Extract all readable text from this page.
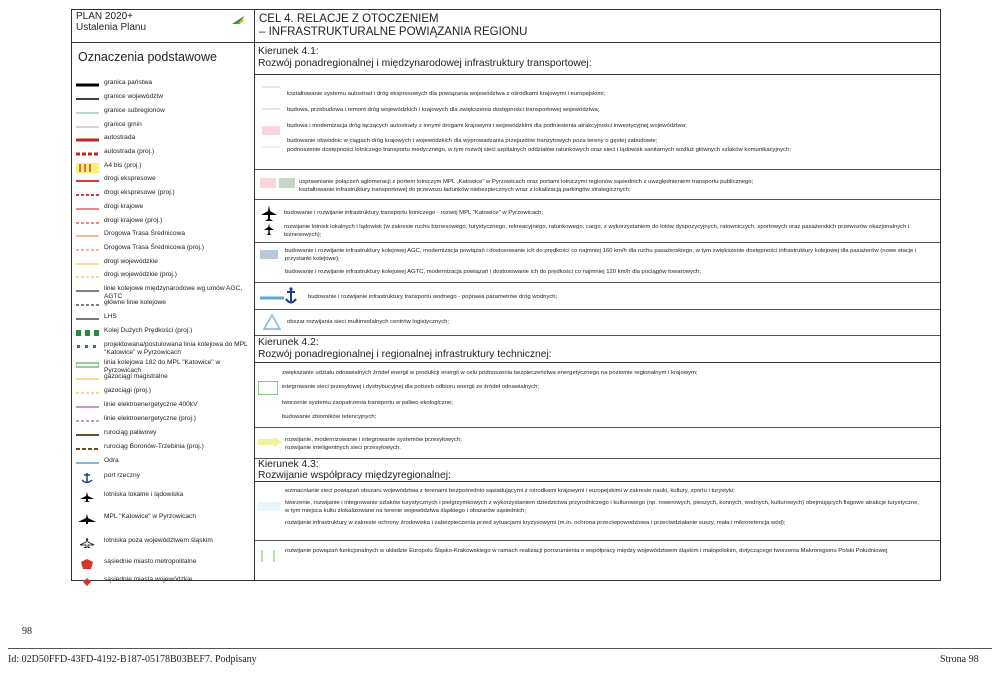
PLAN 2020+
Ustalenia Planu
Oznaczenia podstawowe
granica państwa
granice województw
granice subregionów
granice gmin
autostrada
autostrada (proj.)
A4 bis (proj.)
drogi ekspresowe
drogi ekspresowe (proj.)
drogi krajowe
drogi krajowe (proj.)
Drogowa Trasa Średnicowa
Drogowa Trasa Średnicowa (proj.)
drogi wojewódzkie
drogi wojewódzkie (proj.)
linie kolejowe międzynarodowe wg umów AGC, AGTC
główne linie kolejowe
LHS
Kolej Dużych Prędkości (proj.)
projektowana/postulowana linia kolejowa do MPL "Katowice" w Pyrzowicach
linia kolejowa 182 do MPL "Katowice" w Pyrzowicach
gazociągi magistralne
gazociągi (proj.)
linie elektroenergetyczne 400kV
linie elektroenergetyczne (proj.)
rurociąg paliwowy
rurociąg Boronów-Trzebinia (proj.)
Odra
port rzeczny
lotniska lokalne i lądowiska
MPL "Katowice" w Pyrzowicach
lotniska poza województwem śląskim
sąsiednie miasto metropolitalne
sąsiednie miasta wojewódzkie
CEL 4. RELACJE Z OTOCZENIEM
– INFRASTRUKTURALNE POWIĄZANIA REGIONU
Kierunek 4.1:
Rozwój ponadregionalnej i międzynarodowej infrastruktury transportowej:
kształtowanie systemu autostrad i dróg ekspresowych dla powiązania województwa z ośrodkami krajowymi i europejskimi;
budowa, przebudowa i remont dróg wojewódzkich i krajowych dla zwiększenia dostępności transportowej województwa;
budowa i modernizacja dróg łączących autostrady z innymi drogami krajowymi i wojewódzkimi dla podniesienia atrakcyjności inwestycyjnej województwa;
budowanie obwodnic w ciągach dróg krajowych i wojewódzkich dla wyprowadzania przejazdów tranzytowych poza tereny o gęstej zabudowie;
podnoszenie dostępności lotniczego transportu medycznego, w tym rozwój sieci szpitalnych oddziałów ratunkowych oraz sieci i lądowisk sanitarnych wzdłuż głównych szlaków komunikacyjnych;
usprawnianie połączeń aglomeracji z portem lotniczym MPL „Katowice” w Pyrzowicach oraz portami lotniczymi regionów sąsiednich z uwzględnieniem transportu publicznego;
kształtowanie infrastruktury transportowej do przewozu ładunków niebezpiecznych wraz z lokalizacją parkingów strategicznych;
budowanie i rozwijanie infrastruktury transportu lotniczego - rozwój MPL "Katowice" w Pyrzowicach;
rozwijanie lotnisk lokalnych i lądowisk (w zakresie ruchu biznesowego, turystycznego, rekreacyjnego, ratunkowego, cargo, z wykorzystaniem do lotów dyspozycyjnych, ratowniczych, sportowych oraz pasażerskich przewozów okazjonalnych i biznesowych);
budowanie i rozwijanie infrastruktury kolejowej AGC, modernizacja powiązań i dostosowanie ich do prędkości co najmniej 160 km/h dla ruchu pasażerskiego, w tym zwiększenie dostępności infrastruktury kolejowej dla pasażerów (nowe stacje i przystanki kolejowe);
budowanie i rozwijanie infrastruktury kolejowej AGTC, modernizacja powiązań i dostosowanie ich do prędkości co najmniej 120 km/h dla pociągów towarowych;
budowanie i rozwijanie infrastruktury transportu wodnego - poprawa parametrów dróg wodnych;
obszar rozwijania sieci multimodalnych centrów logistycznych;
Kierunek 4.2:
Rozwój ponadregionalnej i regionalnej infrastruktury technicznej:
zwiększanie udziału odnawialnych źródeł energii w produkcji energii w celu podnoszenia bezpieczeństwa energetycznego na poziomie regionalnym i krajowym;
integrowanie sieci przesyłowej i dystrybucyjnej dla potrzeb odbioru energii ze źródeł odnawialnych;
tworzenie systemu zaopatrzenia transportu w paliwo ekologiczne;
budowanie zbiorników retencyjnych;
rozwijanie, modernizowanie i integrowanie systemów przesyłowych;
rozwijanie inteligentnych sieci przesyłowych.
Kierunek 4.3:
Rozwijanie współpracy międzyregionalnej:
wzmacnianie sieci powiązań obszaru województwa z terenami bezpośrednio sąsiadującymi z ośrodkami krajowymi i europejskimi w zakresie nauki, kultury, sportu i turystyki;
tworzenie, rozwijanie i integrowanie szlaków turystycznych i pielgrzymkowych z wykorzystaniem dziedzictwa przyrodniczego i kulturowego (np. rowerowych, pieszych, konnych, wodnych, kulturowych) obejmujących flagowe atrakcje turystyczne, w tym miejsca kultu zlokalizowane na terenie województwa śląskiego i obszarów sąsiednich;
rozwijanie infrastruktury w zakresie ochrony środowiska i zabezpieczenia przed sytuacjami kryzysowymi (m.in. ochrona przeciwpowodziowa i przeciwdziałanie suszy, mała i mikroretencja wód);
rozwijanie powiązań funkcjonalnych w układzie Europolu Śląsko-Krakowskiego w ramach realizacji porozumienia o współpracy między województwem śląskim i małopolskim, dotyczącego tworzenia Makroregionu Polski Południowej
98
Id: 02D50FFD-43FD-4192-B187-05178B03BEF7. Podpisany	Strona 98
